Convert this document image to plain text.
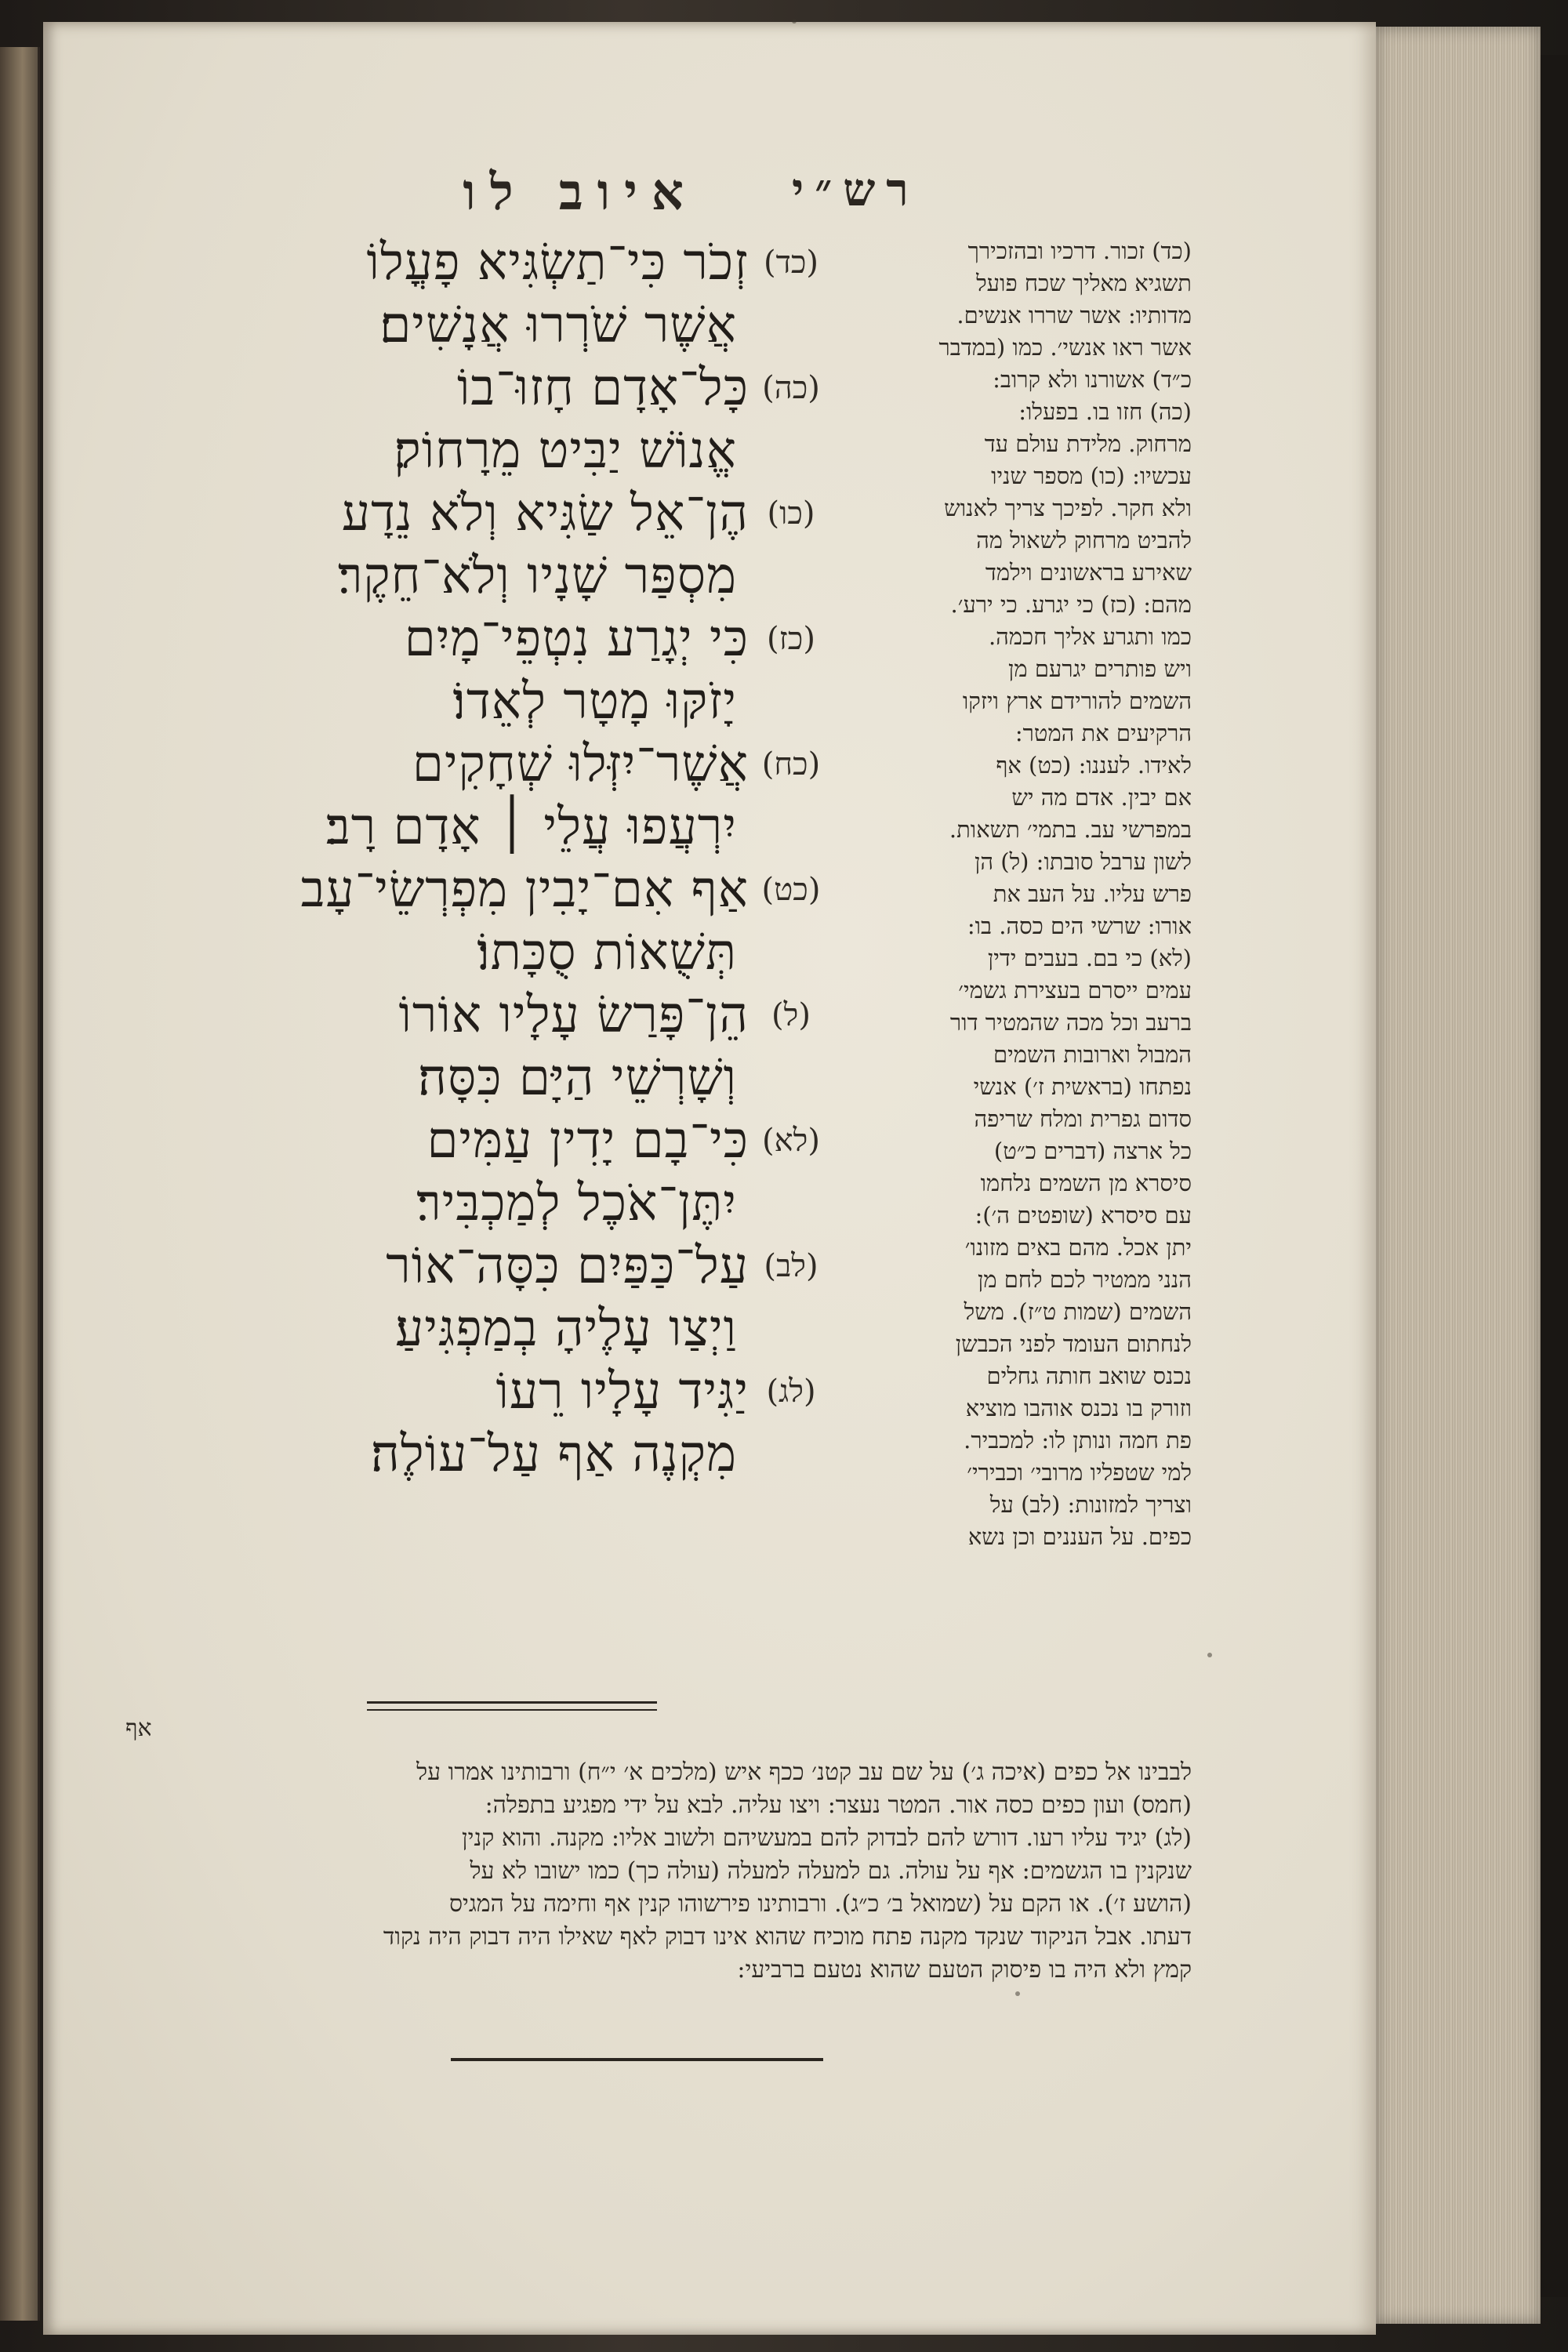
רש״י
איוב לו
(כד)
זְכֹר כִּי־תַשְׂגִּיא פָעֳלוֹ
אֲשֶׁר שֹׁרְרוּ אֲנָשִׁים׃
(כה)
כָּל־אָדָם חָזוּ־בוֹ
אֱנוֹשׁ יַבִּיט מֵרָחוֹק׃
(כו)
הֶן־אֵל שַׂגִּיא וְלֹא נֵדָע
מִסְפַּר שָׁנָיו וְלֹא־חֵקֶר׃
(כז)
כִּי יְגָרַע נִטְפֵי־מָיִם
יָזֹקּוּ מָטָר לְאֵדוֹ׃
(כח)
אֲשֶׁר־יִזְּלוּ שְׁחָקִים
יִרְעֲפוּ עֲלֵי ׀ אָדָם רָב׃
(כט)
אַף אִם־יָבִין מִפְרְשֵׂי־עָב
תְּשֻׁאוֹת סֻכָּתוֹ׃
(ל)
הֵן־פָּרַשׂ עָלָיו אוֹרוֹ
וְשָׁרְשֵׁי הַיָּם כִּסָּה׃
(לא)
כִּי־בָם יָדִין עַמִּים
יִתֶּן־אֹכֶל לְמַכְבִּיר׃
(לב)
עַל־כַּפַּיִם כִּסָּה־אוֹר
וַיְצַו עָלֶיהָ בְמַפְגִּיעַ׃
(לג)
יַגִּיד עָלָיו רֵעוֹ
מִקְנֶה אַף עַל־עוֹלֶה׃
(כד) זכור. דרכיו ובהזכירך
תשגיא מאליך שכח פועל
מדותיו: אשר שררו אנשים.
אשר ראו אנשי׳. כמו (במדבר
כ״ד) אשורנו ולא קרוב:
(כה) חזו בו. בפעלו:
מרחוק. מלידת עולם עד
עכשיו: (כו) מספר שניו
ולא חקר. לפיכך צריך לאנוש
להביט מרחוק לשאול מה
שאירע בראשונים וילמד
מהם: (כז) כי יגרע. כי ירע׳.
כמו ותגרע אליך חכמה.
ויש פותרים יגרעם מן
השמים להורידם ארץ ויזקו
הרקיעים את המטר:
לאידו. לעננו: (כט) אף
אם יבין. אדם מה יש
במפרשי עב. בתמי׳ תשאות.
לשון ערבל סובתו: (ל) הן
פרש עליו. על העב את
אורו: שרשי הים כסה. בו:
(לא) כי בם. בעבים ידין
עמים ייסרם בעצירת גשמי׳
ברעב וכל מכה שהמטיר דור
המבול וארובות השמים
נפתחו (בראשית ז׳) אנשי
סדום גפרית ומלח שריפה
כל ארצה (דברים כ״ט)
סיסרא מן השמים נלחמו
עם סיסרא (שופטים ה׳):
יתן אכל. מהם באים מזונו׳
הנני ממטיר לכם לחם מן
השמים (שמות ט״ז). משל
לנחתום העומד לפני הכבשן
נכנס שואב חותה גחלים
וזורק בו נכנס אוהבו מוציא
פת חמה ונותן לו: למכביר.
למי שטפליו מרובי׳ וכבירי׳
וצריך למזונות: (לב) על
כפים. על העננים וכן נשא
אף
לבבינו אל כפים (איכה ג׳) על שם עב קטנ׳ ככף איש (מלכים א׳ י״ח) ורבותינו אמרו על
(חמס) ועון כפים כסה אור. המטר נעצר: ויצו עליה. לבא על ידי מפגיע בתפלה:
(לג) יגיד עליו רעו. דורש להם לבדוק להם במעשיהם ולשוב אליו: מקנה. והוא קנין
שנקנין בו הגשמים: אף על עולה. גם למעלה למעלה (עולה כך) כמו ישובו לא על
(הושע ז׳). או הקם על (שמואל ב׳ כ״ג). ורבותינו פירשוהו קנין אף וחימה על המגיס
דעתו. אבל הניקוד שנקד מקנה פתח מוכיח שהוא אינו דבוק לאף שאילו היה דבוק היה נקוד
קמץ ולא היה בו פיסוק הטעם שהוא נטעם ברביעי:
